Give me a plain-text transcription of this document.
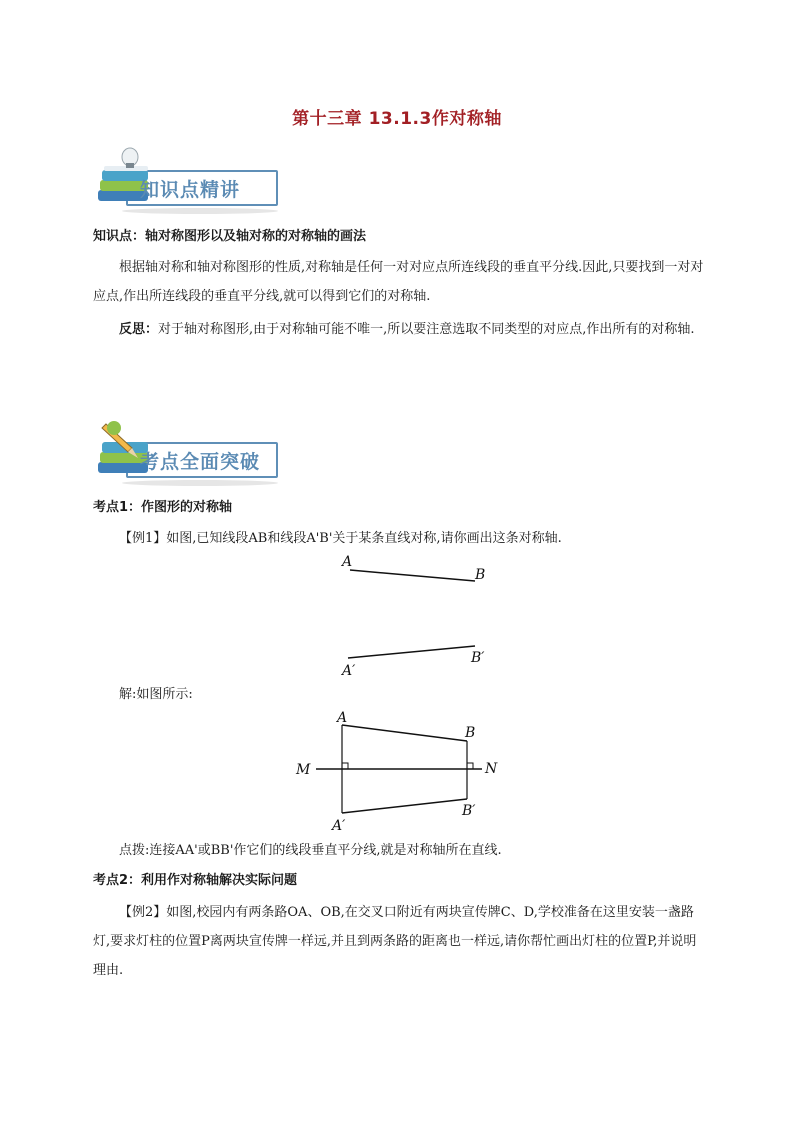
第十三章 13.1.3作对称轴
知识点精讲

知识点：轴对称图形以及轴对称的对称轴的画法

根据轴对称和轴对称图形的性质,对称轴是任何一对对应点所连线段的垂直平分线.因此,只要找到一对对应点,作出所连线段的垂直平分线,就可以得到它们的对称轴.

反思：对于轴对称图形,由于对称轴可能不唯一,所以要注意选取不同类型的对应点,作出所有的对称轴.

考点全面突破

考点1：作图形的对称轴

【例1】如图,已知线段AB和线段A'B'关于某条直线对称,请你画出这条对称轴.

A
B
A′
B′

解:如图所示:

A
B
A′
B′
M	N

点拨:连接AA'或BB'作它们的线段垂直平分线,就是对称轴所在直线.

考点2：利用作对称轴解决实际问题

【例2】如图,校园内有两条路OA、OB,在交叉口附近有两块宣传牌C、D,学校准备在这里安装一盏路灯,要求灯柱的位置P离两块宣传牌一样远,并且到两条路的距离也一样远,请你帮忙画出灯柱的位置P,并说明理由.
